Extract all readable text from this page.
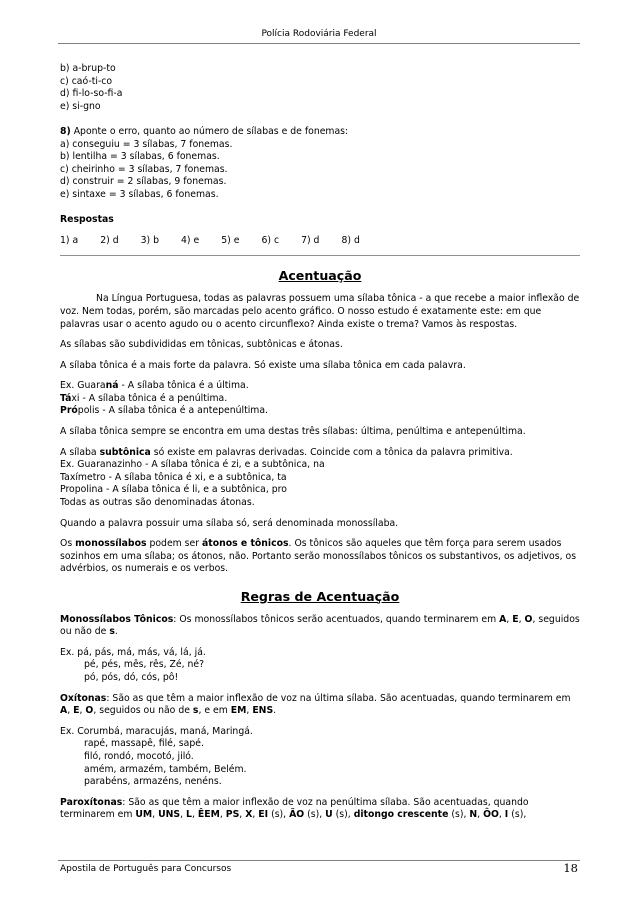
Polícia Rodoviária Federal

b) a-brup-to

c) caó-ti-co

d) fi-lo-so-fi-a

e) si-gno

8) Aponte o erro, quanto ao número de sílabas e de fonemas:

a) conseguiu = 3 sílabas, 7 fonemas.

b) lentilha = 3 sílabas, 6 fonemas.

c) cheirinho = 3 sílabas, 7 fonemas.

d) construir = 2 sílabas, 9 fonemas.

e) sintaxe = 3 sílabas, 6 fonemas.

Respostas

1) a 2) d 3) b 4) e 5) e 6) c 7) d 8) d
Acentuação

Na Língua Portuguesa, todas as palavras possuem uma sílaba tônica - a que recebe a maior inflexão de voz. Nem todas, porém, são marcadas pelo acento gráfico. O nosso estudo é exatamente este: em que palavras usar o acento agudo ou o acento circunflexo? Ainda existe o trema? Vamos às respostas.

As sílabas são subdivididas em tônicas, subtônicas e átonas.

A sílaba tônica é a mais forte da palavra. Só existe uma sílaba tônica em cada palavra.

Ex. Guaraná - A sílaba tônica é a última.

Táxi - A sílaba tônica é a penúltima.

Própolis - A sílaba tônica é a antepenúltima.

A sílaba tônica sempre se encontra em uma destas três sílabas: última, penúltima e antepenúltima.

A sílaba subtônica só existe em palavras derivadas. Coincide com a tônica da palavra primitiva.

Ex. Guaranazinho - A sílaba tônica é zi, e a subtônica, na

Taxímetro - A sílaba tônica é xi, e a subtônica, ta

Propolina - A sílaba tônica é li, e a subtônica, pro

Todas as outras são denominadas átonas.

Quando a palavra possuir uma sílaba só, será denominada monossílaba.

Os monossílabos podem ser átonos e tônicos. Os tônicos são aqueles que têm força para serem usados sozinhos em uma sílaba; os átonos, não. Portanto serão monossílabos tônicos os substantivos, os adjetivos, os advérbios, os numerais e os verbos.

Regras de Acentuação

Monossílabos Tônicos: Os monossílabos tônicos serão acentuados, quando terminarem em A, E, O, seguidos ou não de s.

Ex. pá, pás, má, más, vá, lá, já.

pé, pés, mês, rês, Zé, né?

pó, pós, dó, cós, pô!

Oxítonas: São as que têm a maior inflexão de voz na última sílaba. São acentuadas, quando terminarem em A, E, O, seguidos ou não de s, e em EM, ENS.

Ex. Corumbá, maracujás, maná, Maringá.

rapé, massapê, filé, sapé.

filó, rondó, mocotó, jiló.

amém, armazém, também, Belém.

parabéns, armazéns, nenéns.

Paroxítonas: São as que têm a maior inflexão de voz na penúltima sílaba. São acentuadas, quando terminarem em UM, UNS, L, ÊEM, PS, X, EI (s), ÃO (s), U (s), ditongo crescente (s), N, ÔO, I (s),

Apostila de Português para Concursos	18
